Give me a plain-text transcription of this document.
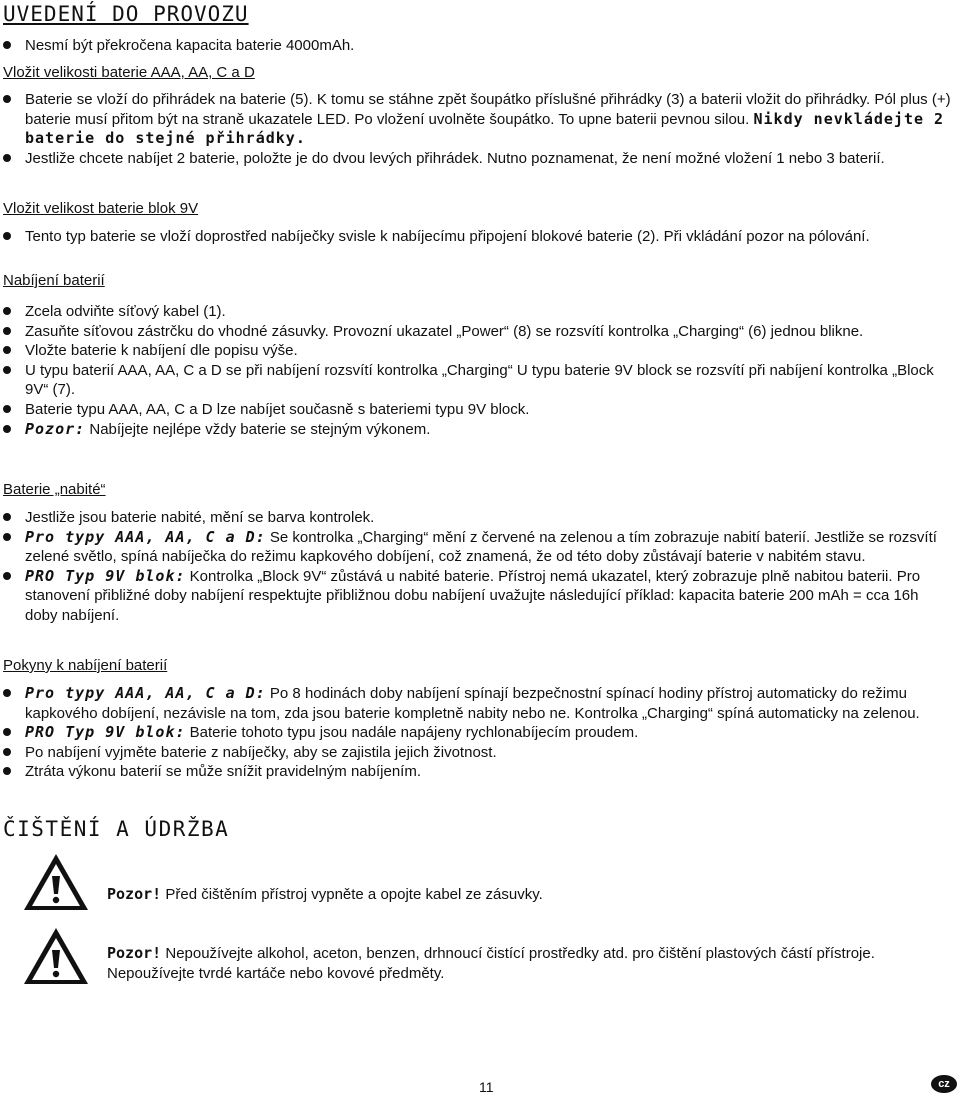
UVEDENÍ DO PROVOZU
Nesmí být překročena kapacita baterie 4000mAh.
Vložit velikosti baterie AAA, AA, C a D
Baterie se vloží do přihrádek na baterie (5). K tomu se stáhne zpět šoupátko příslušné přihrádky (3) a baterii vložit do přihrádky. Pól plus (+) baterie musí přitom být na straně ukazatele LED. Po vložení uvolněte šoupátko. To upne baterii pevnou silou. Nikdy nevkládejte 2 baterie do stejné přihrádky.
Jestliže chcete nabíjet 2 baterie, položte je do dvou levých přihrádek. Nutno poznamenat, že není možné vložení 1 nebo 3 baterií.
Vložit velikost baterie blok 9V
Tento typ baterie se vloží doprostřed nabíječky svisle k nabíjecímu připojení blokové baterie (2). Při vkládání pozor na pólování.
Nabíjení baterií
Zcela odviňte síťový kabel (1).
Zasuňte síťovou zástrčku do vhodné zásuvky. Provozní ukazatel „Power“ (8) se rozsvítí kontrolka „Charging“ (6) jednou blikne.
Vložte baterie k nabíjení dle popisu výše.
U typu baterií AAA, AA, C a D se při nabíjení rozsvítí kontrolka „Charging“ U typu baterie 9V block se rozsvítí při nabíjení kontrolka „Block 9V“ (7).
Baterie typu AAA, AA, C a D lze nabíjet současně s bateriemi typu 9V block.
Pozor: Nabíjejte nejlépe vždy baterie se stejným výkonem.
Baterie „nabité“
Jestliže jsou baterie nabité, mění se barva kontrolek.
Pro typy AAA, AA, C a D: Se kontrolka „Charging“ mění z červené na zelenou a tím zobrazuje nabití baterií. Jestliže se rozsvítí zelené světlo, spíná nabíječka do režimu kapkového dobíjení, což znamená, že od této doby zůstávají baterie v nabitém stavu.
PRO Typ 9V blok: Kontrolka „Block 9V“ zůstává u nabité baterie. Přístroj nemá ukazatel, který zobrazuje plně nabitou baterii. Pro stanovení přibližné doby nabíjení respektujte přibližnou dobu nabíjení uvažujte následující příklad: kapacita baterie 200 mAh = cca 16h doby nabíjení.
Pokyny k nabíjení baterií
Pro typy AAA, AA, C a D: Po 8 hodinách doby nabíjení spínají bezpečnostní spínací hodiny přístroj automaticky do režimu kapkového dobíjení, nezávisle na tom, zda jsou baterie kompletně nabity nebo ne. Kontrolka „Charging“ spíná automaticky na zelenou.
PRO Typ 9V blok: Baterie tohoto typu jsou nadále napájeny rychlonabíjecím proudem.
Po nabíjení vyjměte baterie z nabíječky, aby se zajistila jejich životnost.
Ztráta výkonu baterií se může snížit pravidelným nabíjením.
ČIŠTĚNÍ A ÚDRŽBA
Pozor! Před čištěním přístroj vypněte a opojte kabel ze zásuvky.
Pozor! Nepoužívejte alkohol, aceton, benzen, drhnoucí čistící prostředky atd. pro čištění plastových částí přístroje. Nepoužívejte tvrdé kartáče nebo kovové předměty.
11	cz
